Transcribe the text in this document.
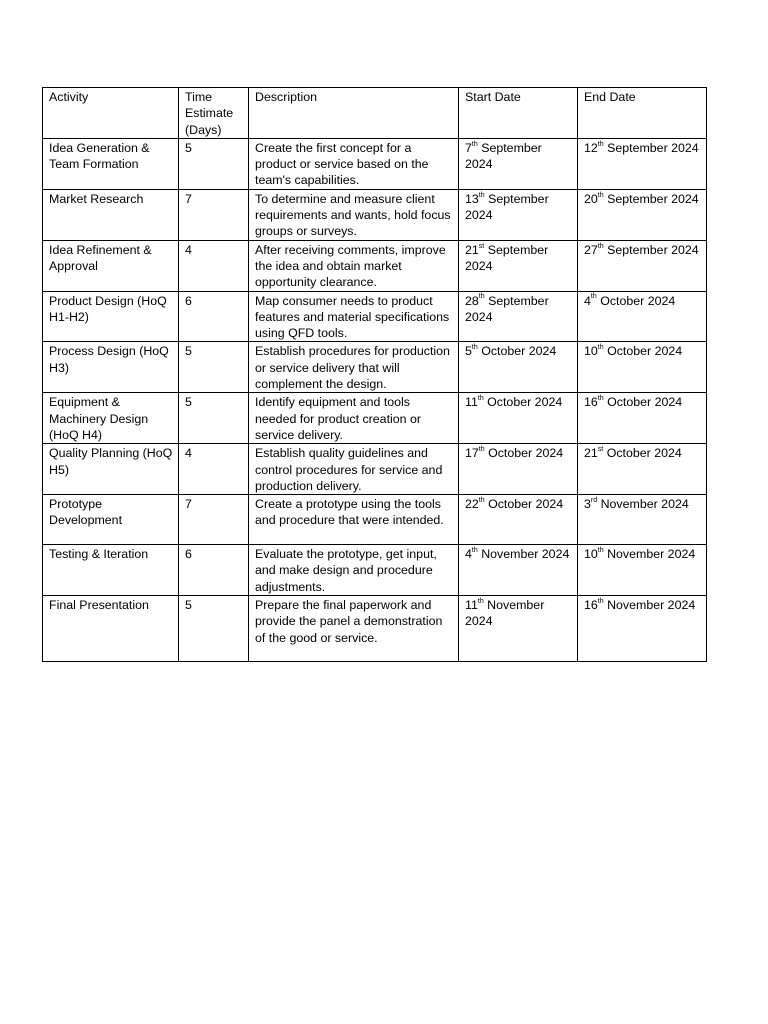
Activity	Time Estimate (Days)	Description	Start Date	End Date
Idea Generation & Team Formation	5	Create the first concept for a product or service based on the team's capabilities.	7th September 2024	12th September 2024
Market Research	7	To determine and measure client requirements and wants, hold focus groups or surveys.	13th September 2024	20th September 2024
Idea Refinement & Approval	4	After receiving comments, improve the idea and obtain market opportunity clearance.	21st September 2024	27th September 2024
Product Design (HoQ H1-H2)	6	Map consumer needs to product features and material specifications using QFD tools.	28th September 2024	4th October 2024
Process Design (HoQ H3)	5	Establish procedures for production or service delivery that will complement the design.	5th October 2024	10th October 2024
Equipment & Machinery Design (HoQ H4)	5	Identify equipment and tools needed for product creation or service delivery.	11th October 2024	16th October 2024
Quality Planning (HoQ H5)	4	Establish quality guidelines and control procedures for service and production delivery.	17th October 2024	21st October 2024
Prototype Development	7	Create a prototype using the tools and procedure that were intended.	22th October 2024	3rd November 2024
Testing & Iteration	6	Evaluate the prototype, get input, and make design and procedure adjustments.	4th November 2024	10th November 2024
Final Presentation	5	Prepare the final paperwork and provide the panel a demonstration of the good or service.	11th November 2024	16th November 2024
